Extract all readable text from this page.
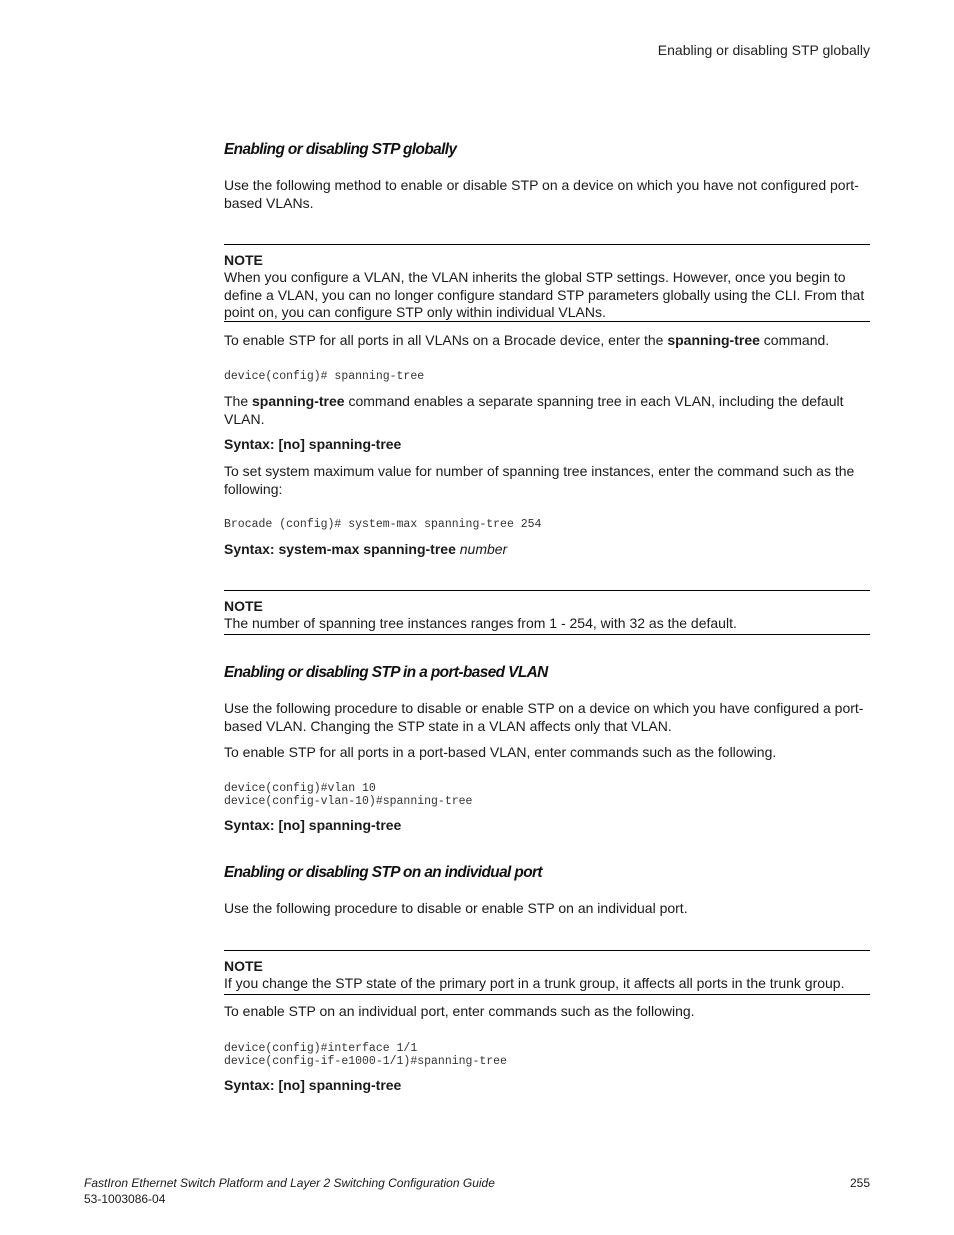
Enabling or disabling STP globally
Enabling or disabling STP globally

Use the following method to enable or disable STP on a device on which you have not configured port-based VLANs.

NOTE
When you configure a VLAN, the VLAN inherits the global STP settings. However, once you begin to define a VLAN, you can no longer configure standard STP parameters globally using the CLI. From that point on, you can configure STP only within individual VLANs.

To enable STP for all ports in all VLANs on a Brocade device, enter the spanning-tree command.

device(config)# spanning-tree

The spanning-tree command enables a separate spanning tree in each VLAN, including the default VLAN.

Syntax: [no] spanning-tree

To set system maximum value for number of spanning tree instances, enter the command such as the following:

Brocade (config)# system-max spanning-tree 254

Syntax: system-max spanning-tree number

NOTE
The number of spanning tree instances ranges from 1 - 254, with 32 as the default.
Enabling or disabling STP in a port-based VLAN

Use the following procedure to disable or enable STP on a device on which you have configured a port-based VLAN. Changing the STP state in a VLAN affects only that VLAN.

To enable STP for all ports in a port-based VLAN, enter commands such as the following.

device(config)#vlan 10
device(config-vlan-10)#spanning-tree

Syntax: [no] spanning-tree

Enabling or disabling STP on an individual port

Use the following procedure to disable or enable STP on an individual port.

NOTE
If you change the STP state of the primary port in a trunk group, it affects all ports in the trunk group.

To enable STP on an individual port, enter commands such as the following.

device(config)#interface 1/1
device(config-if-e1000-1/1)#spanning-tree

Syntax: [no] spanning-tree

FastIron Ethernet Switch Platform and Layer 2 Switching Configuration Guide
53-1003086-04
255
